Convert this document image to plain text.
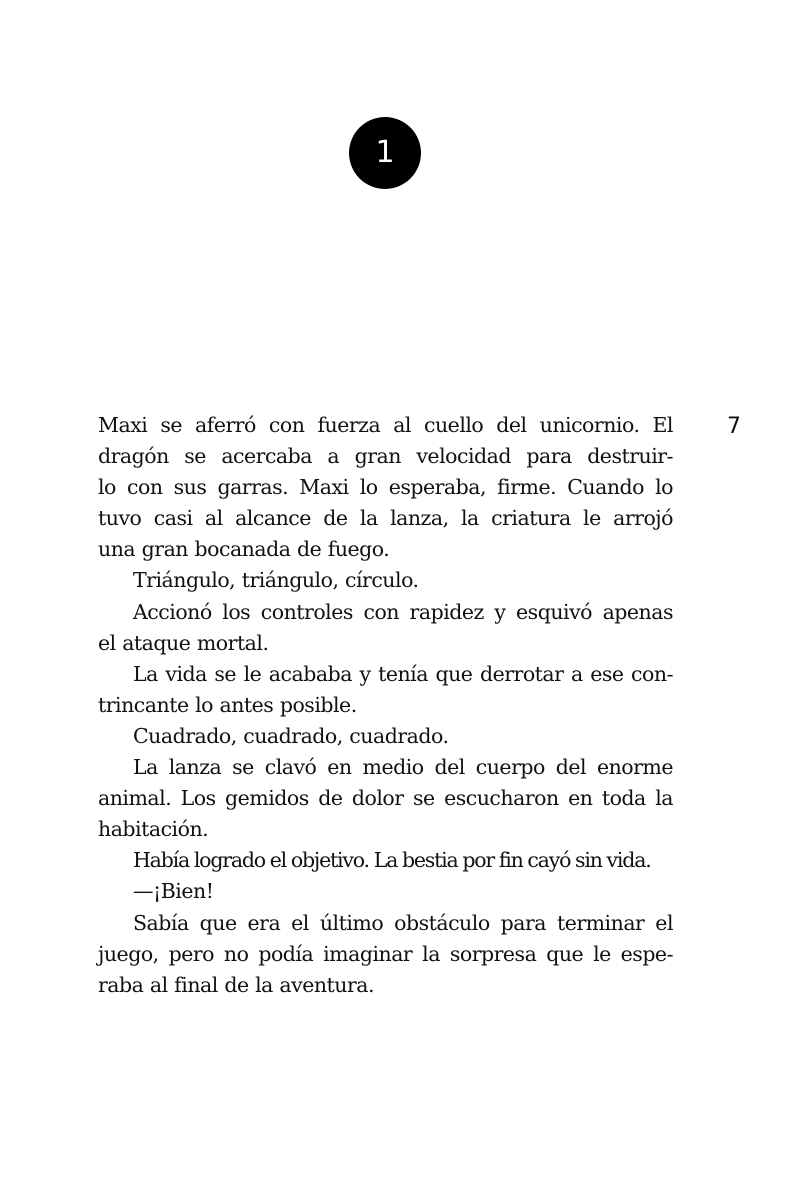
1
7
Maxi se aferró con fuerza al cuello del unicornio. El
dragón se acercaba a gran velocidad para destruir-
lo con sus garras. Maxi lo esperaba, firme. Cuando lo
tuvo casi al alcance de la lanza, la criatura le arrojó
una gran bocanada de fuego.
Triángulo, triángulo, círculo.
Accionó los controles con rapidez y esquivó apenas
el ataque mortal.
La vida se le acababa y tenía que derrotar a ese con-
trincante lo antes posible.
Cuadrado, cuadrado, cuadrado.
La lanza se clavó en medio del cuerpo del enorme
animal. Los gemidos de dolor se escucharon en toda la
habitación.
Había logrado el objetivo. La bestia por fin cayó sin vida.
—¡Bien!
Sabía que era el último obstáculo para terminar el
juego, pero no podía imaginar la sorpresa que le espe-
raba al final de la aventura.
